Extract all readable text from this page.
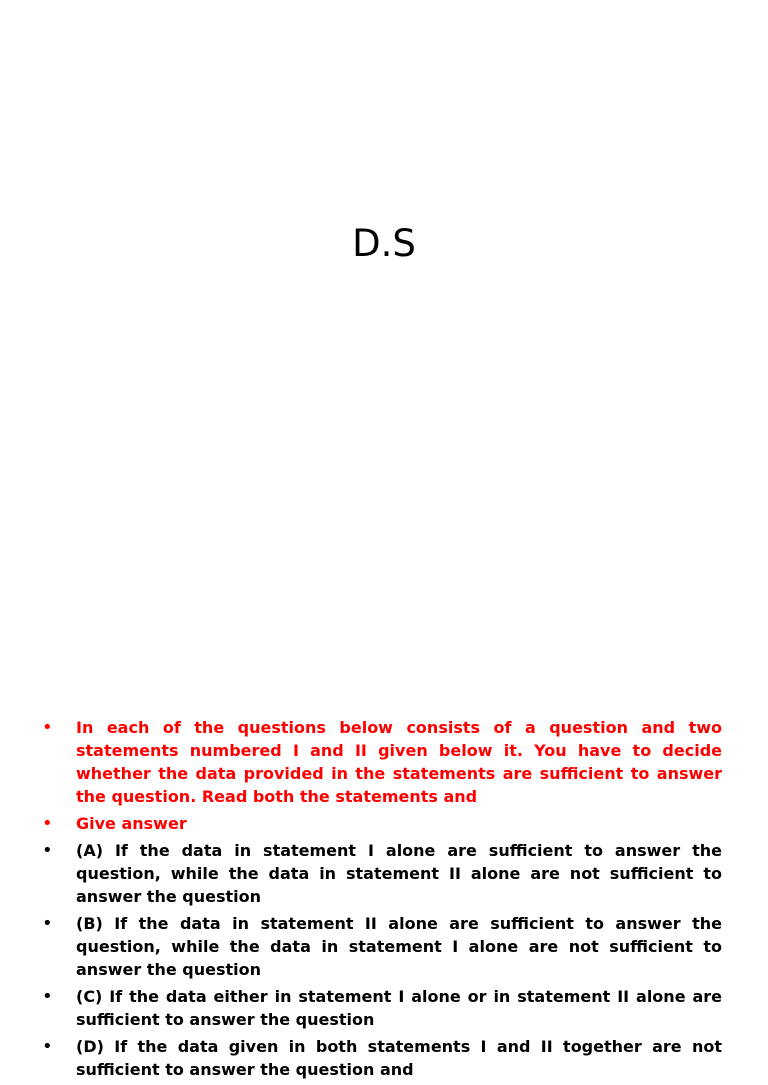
D.S
• In each of the questions below consists of a question and two statements numbered I and II given below it. You have to decide whether the data provided in the statements are sufficient to answer the question. Read both the statements and
• Give answer
• (A) If the data in statement I alone are sufficient to answer the question, while the data in statement II alone are not sufficient to answer the question
• (B) If the data in statement II alone are sufficient to answer the question, while the data in statement I alone are not sufficient to answer the question
• (C) If the data either in statement I alone or in statement II alone are sufficient to answer the question
• (D) If the data given in both statements I and II together are not sufficient to answer the question and
